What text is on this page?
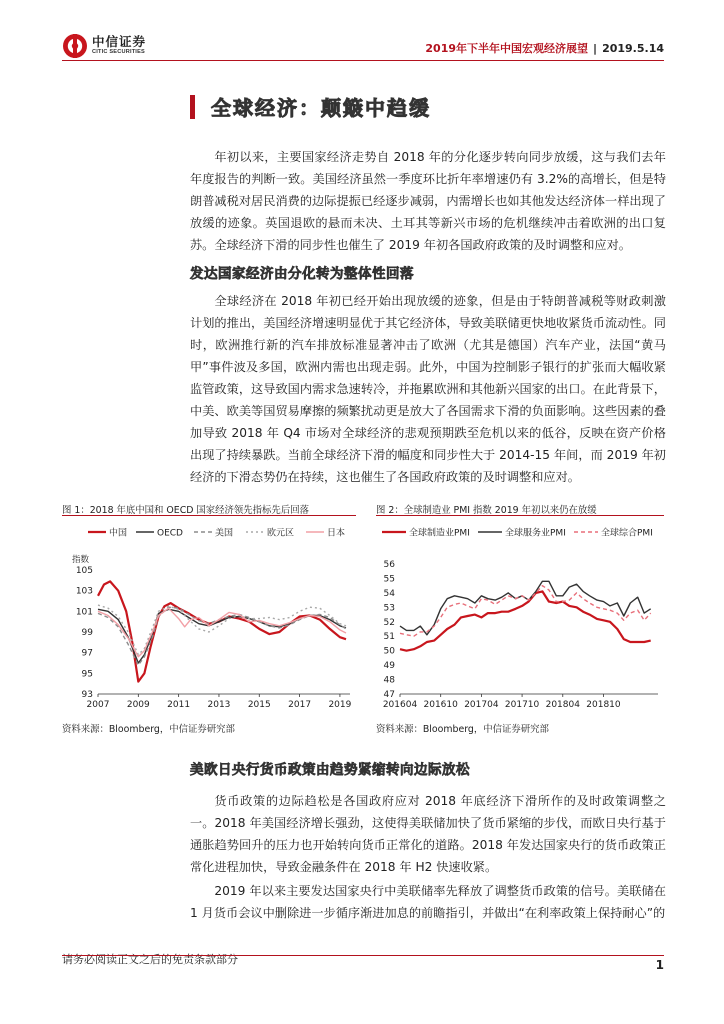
中信证券
CITIC SECURITIES	2019年下半年中国宏观经济展望 | 2019.5.14
全球经济：颠簸中趋缓

年初以来，主要国家经济走势自 2018 年的分化逐步转向同步放缓，这与我们去年年度报告的判断一致。美国经济虽然一季度环比折年率增速仍有 3.2%的高增长，但是特朗普减税对居民消费的边际提振已经逐步减弱，内需增长也如其他发达经济体一样出现了放缓的迹象。英国退欧的悬而未决、土耳其等新兴市场的危机继续冲击着欧洲的出口复苏。全球经济下滑的同步性也催生了 2019 年初各国政府政策的及时调整和应对。

发达国家经济由分化转为整体性回落

全球经济在 2018 年初已经开始出现放缓的迹象，但是由于特朗普减税等财政刺激计划的推出，美国经济增速明显优于其它经济体，导致美联储更快地收紧货币流动性。同时，欧洲推行新的汽车排放标准显著冲击了欧洲（尤其是德国）汽车产业，法国“黄马甲”事件波及多国，欧洲内需也出现走弱。此外，中国为控制影子银行的扩张而大幅收紧监管政策，这导致国内需求急速转冷，并拖累欧洲和其他新兴国家的出口。在此背景下，中美、欧美等国贸易摩擦的频繁扰动更是放大了各国需求下滑的负面影响。这些因素的叠加导致 2018 年 Q4 市场对全球经济的悲观预期跌至危机以来的低谷，反映在资产价格出现了持续暴跌。当前全球经济下滑的幅度和同步性大于 2014-15 年间，而 2019 年初经济的下滑态势仍在持续，这也催生了各国政府政策的及时调整和应对。

图 1：2018 年底中国和 OECD 国家经济领先指标先后回落
中国	OECD	美国	欧元区	日本
指数
93
95
97
99
101
103
105
2007 2009 2011 2013 2015 2017 2019
资料来源：Bloomberg，中信证券研究部
图 2：全球制造业 PMI 指数 2019 年初以来仍在放缓
全球制造业PMI	全球服务业PMI	全球综合PMI
47
48
49
50
51
52
53
54
55
56
201604 201610 201704 201710 201804 201810
资料来源：Bloomberg，中信证券研究部
美欧日央行货币政策由趋势紧缩转向边际放松

货币政策的边际趋松是各国政府应对 2018 年底经济下滑所作的及时政策调整之一。2018 年美国经济增长强劲，这使得美联储加快了货币紧缩的步伐，而欧日央行基于通胀趋势回升的压力也开始转向货币正常化的道路。2018 年发达国家央行的货币政策正常化进程加快，导致金融条件在 2018 年 H2 快速收紧。

2019 年以来主要发达国家央行中美联储率先释放了调整货币政策的信号。美联储在 1 月货币会议中删除进一步循序渐进加息的前瞻指引，并做出“在利率政策上保持耐心”的

请务必阅读正文之后的免责条款部分	1
